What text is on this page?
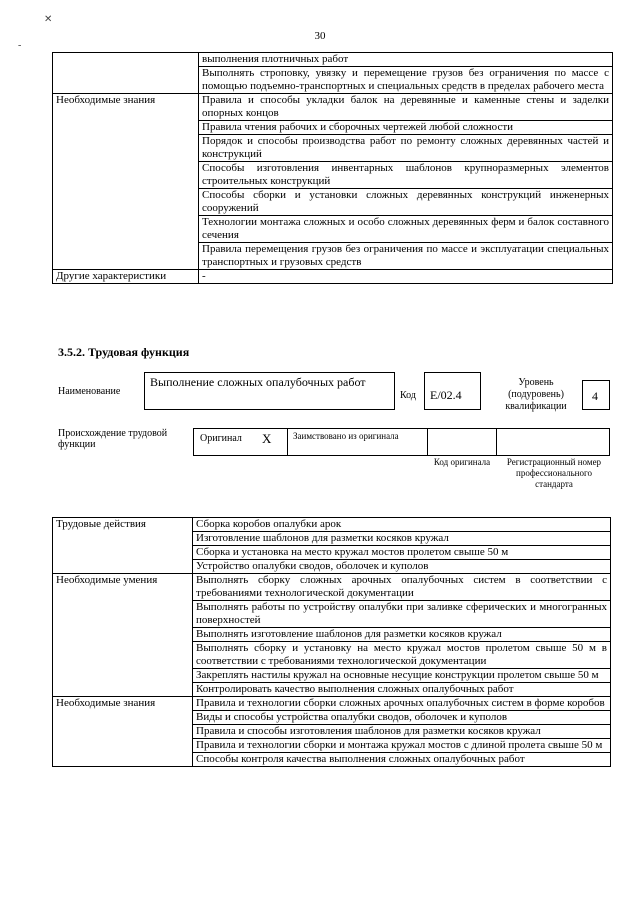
30
✕
-
	выполнения плотничных работ
	Выполнять строповку, увязку и перемещение грузов без ограничения по массе с помощью подъемно-транспортных и специальных средств в пределах рабочего места
Необходимые знания	Правила и способы укладки балок на деревянные и каменные стены и заделки опорных концов
	Правила чтения рабочих и сборочных чертежей любой сложности
	Порядок и способы производства работ по ремонту сложных деревянных частей и конструкций
	Способы изготовления инвентарных шаблонов крупноразмерных элементов строительных конструкций
	Способы сборки и установки сложных деревянных конструкций инженерных сооружений
	Технологии монтажа сложных и особо сложных деревянных ферм и балок составного сечения
	Правила перемещения грузов без ограничения по массе и эксплуатации специальных транспортных и грузовых средств
Другие характеристики	-
3.5.2. Трудовая функция
Наименование
Выполнение сложных опалубочных работ
Код E/02.4
Уровень (подуровень) квалификации
4
Происхождение трудовой функции
Оригинал X Заимствовано из оригинала
Код оригинала	Регистрационный номер профессионального стандарта
Трудовые действия	Сборка коробов опалубки арок
	Изготовление шаблонов для разметки косяков кружал
	Сборка и установка на место кружал мостов пролетом свыше 50 м
	Устройство опалубки сводов, оболочек и куполов
Необходимые умения	Выполнять сборку сложных арочных опалубочных систем в соответствии с требованиями технологической документации
	Выполнять работы по устройству опалубки при заливке сферических и многогранных поверхностей
	Выполнять изготовление шаблонов для разметки косяков кружал
	Выполнять сборку и установку на место кружал мостов пролетом свыше 50 м в соответствии с требованиями технологической документации
	Закреплять настилы кружал на основные несущие конструкции пролетом свыше 50 м
	Контролировать качество выполнения сложных опалубочных работ
Необходимые знания	Правила и технологии сборки сложных арочных опалубочных систем в форме коробов
	Виды и способы устройства опалубки сводов, оболочек и куполов
	Правила и способы изготовления шаблонов для разметки косяков кружал
	Правила и технологии сборки и монтажа кружал мостов с длиной пролета свыше 50 м
	Способы контроля качества выполнения сложных опалубочных работ
